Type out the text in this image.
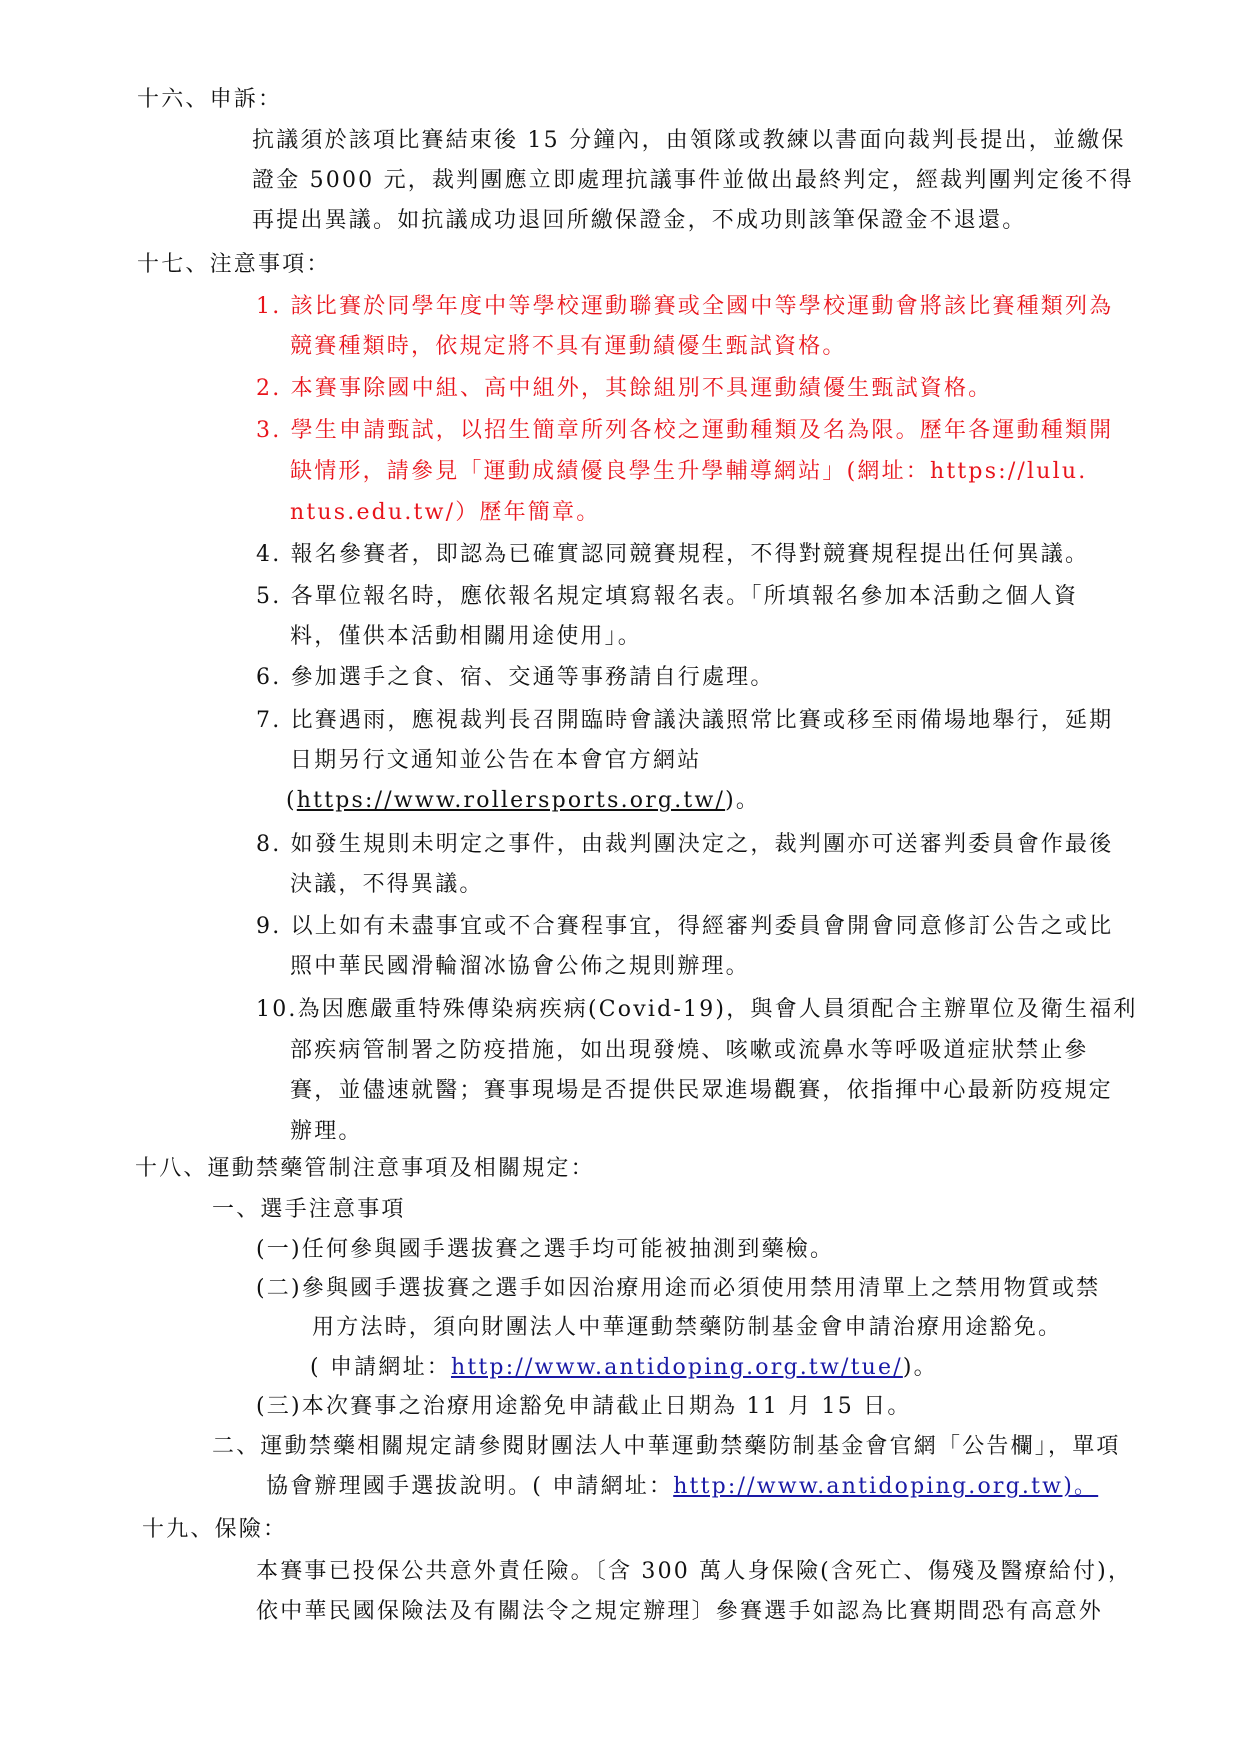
十六、申訴：
抗議須於該項比賽結束後 15 分鐘內，由領隊或教練以書面向裁判長提出，並繳保
證金 5000 元，裁判團應立即處理抗議事件並做出最終判定，經裁判團判定後不得
再提出異議。如抗議成功退回所繳保證金，不成功則該筆保證金不退還。
十七、注意事項：
1. 該比賽於同學年度中等學校運動聯賽或全國中等學校運動會將該比賽種類列為
競賽種類時，依規定將不具有運動績優生甄試資格。
2. 本賽事除國中組、高中組外，其餘組別不具運動績優生甄試資格。
3. 學生申請甄試，以招生簡章所列各校之運動種類及名為限。歷年各運動種類開
缺情形，請參見「運動成績優良學生升學輔導網站」(網址：https://lulu.
ntus.edu.tw/）歷年簡章。
4. 報名參賽者，即認為已確實認同競賽規程，不得對競賽規程提出任何異議。
5. 各單位報名時，應依報名規定填寫報名表。「所填報名參加本活動之個人資
料，僅供本活動相關用途使用」。
6. 參加選手之食、宿、交通等事務請自行處理。
7. 比賽遇雨，應視裁判長召開臨時會議決議照常比賽或移至雨備場地舉行，延期
日期另行文通知並公告在本會官方網站
(https://www.rollersports.org.tw/)。
8. 如發生規則未明定之事件，由裁判團決定之，裁判團亦可送審判委員會作最後
決議，不得異議。
9. 以上如有未盡事宜或不合賽程事宜，得經審判委員會開會同意修訂公告之或比
照中華民國滑輪溜冰協會公佈之規則辦理。
10.為因應嚴重特殊傳染病疾病(Covid-19)，與會人員須配合主辦單位及衛生福利
部疾病管制署之防疫措施，如出現發燒、咳嗽或流鼻水等呼吸道症狀禁止參
賽，並儘速就醫；賽事現場是否提供民眾進場觀賽，依指揮中心最新防疫規定
辦理。
十八、運動禁藥管制注意事項及相關規定：
一、選手注意事項
(一)任何參與國手選拔賽之選手均可能被抽測到藥檢。
(二)參與國手選拔賽之選手如因治療用途而必須使用禁用清單上之禁用物質或禁
用方法時，須向財團法人中華運動禁藥防制基金會申請治療用途豁免。
( 申請網址：http://www.antidoping.org.tw/tue/)。
(三)本次賽事之治療用途豁免申請截止日期為 11 月 15 日。
二、運動禁藥相關規定請參閱財團法人中華運動禁藥防制基金會官網「公告欄」，單項
協會辦理國手選拔說明。( 申請網址：http://www.antidoping.org.tw)。
十九、保險：
本賽事已投保公共意外責任險。〔含 300 萬人身保險(含死亡、傷殘及醫療給付)，
依中華民國保險法及有關法令之規定辦理〕參賽選手如認為比賽期間恐有高意外
